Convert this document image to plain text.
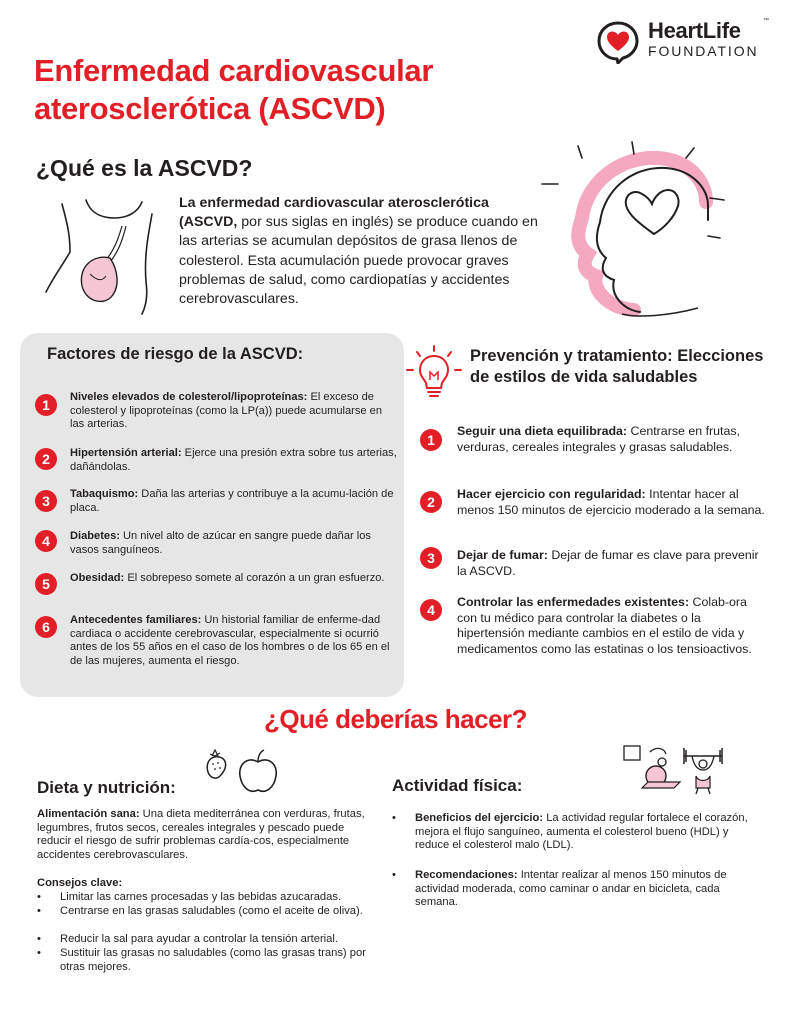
HeartLife	™
FOUNDATION
Enfermedad cardiovascular aterosclerótica (ASCVD)
¿Qué es la ASCVD?
La enfermedad cardiovascular aterosclerótica (ASCVD, por sus siglas en inglés) se produce cuando en las arterias se acumulan depósitos de grasa llenos de colesterol. Esta acumulación puede provocar graves problemas de salud, como cardiopatías y accidentes cerebrovasculares.
Factores de riesgo de la ASCVD:
1	Niveles elevados de colesterol/lipoproteínas: El exceso de colesterol y lipoproteínas (como la LP(a)) puede acumularse en las arterias.
2	Hipertensión arterial: Ejerce una presión extra sobre tus arterias, dañándolas.
3	Tabaquismo: Daña las arterias y contribuye a la acumu-lación de placa.
4	Diabetes: Un nivel alto de azúcar en sangre puede dañar los vasos sanguíneos.
5	Obesidad: El sobrepeso somete al corazón a un gran esfuerzo.
6	Antecedentes familiares: Un historial familiar de enferme-dad cardiaca o accidente cerebrovascular, especialmente si ocurrió antes de los 55 años en el caso de los hombres o de los 65 en el de las mujeres, aumenta el riesgo.
Prevención y tratamiento: Elecciones de estilos de vida saludables
1
Seguir una dieta equilibrada: Centrarse en frutas, verduras, cereales integrales y grasas saludables.
2	Hacer ejercicio con regularidad: Intentar hacer al menos 150 minutos de ejercicio moderado a la semana.
3	Dejar de fumar: Dejar de fumar es clave para prevenir la ASCVD.
4	Controlar las enfermedades existentes: Colab-ora con tu médico para controlar la diabetes o la hipertensión mediante cambios en el estilo de vida y medicamentos como las estatinas o los tensioactivos.
¿Qué deberías hacer?
Dieta y nutrición:
Alimentación sana: Una dieta mediterránea con verduras, frutas, legumbres, frutos secos, cereales integrales y pescado puede reducir el riesgo de sufrir problemas cardía-cos, especialmente accidentes cerebrovasculares.
Consejos clave:
•	Limitar las carnes procesadas y las bebidas azucaradas.
•	Centrarse en las grasas saludables (como el aceite de oliva).
•	Reducir la sal para ayudar a controlar la tensión arterial.
•	Sustituir las grasas no saludables (como las grasas trans) por otras mejores.
Actividad física:
•	Beneficios del ejercicio: La actividad regular fortalece el corazón, mejora el flujo sanguíneo, aumenta el colesterol bueno (HDL) y reduce el colesterol malo (LDL).
•	Recomendaciones: Intentar realizar al menos 150 minutos de actividad moderada, como caminar o andar en bicicleta, cada semana.
